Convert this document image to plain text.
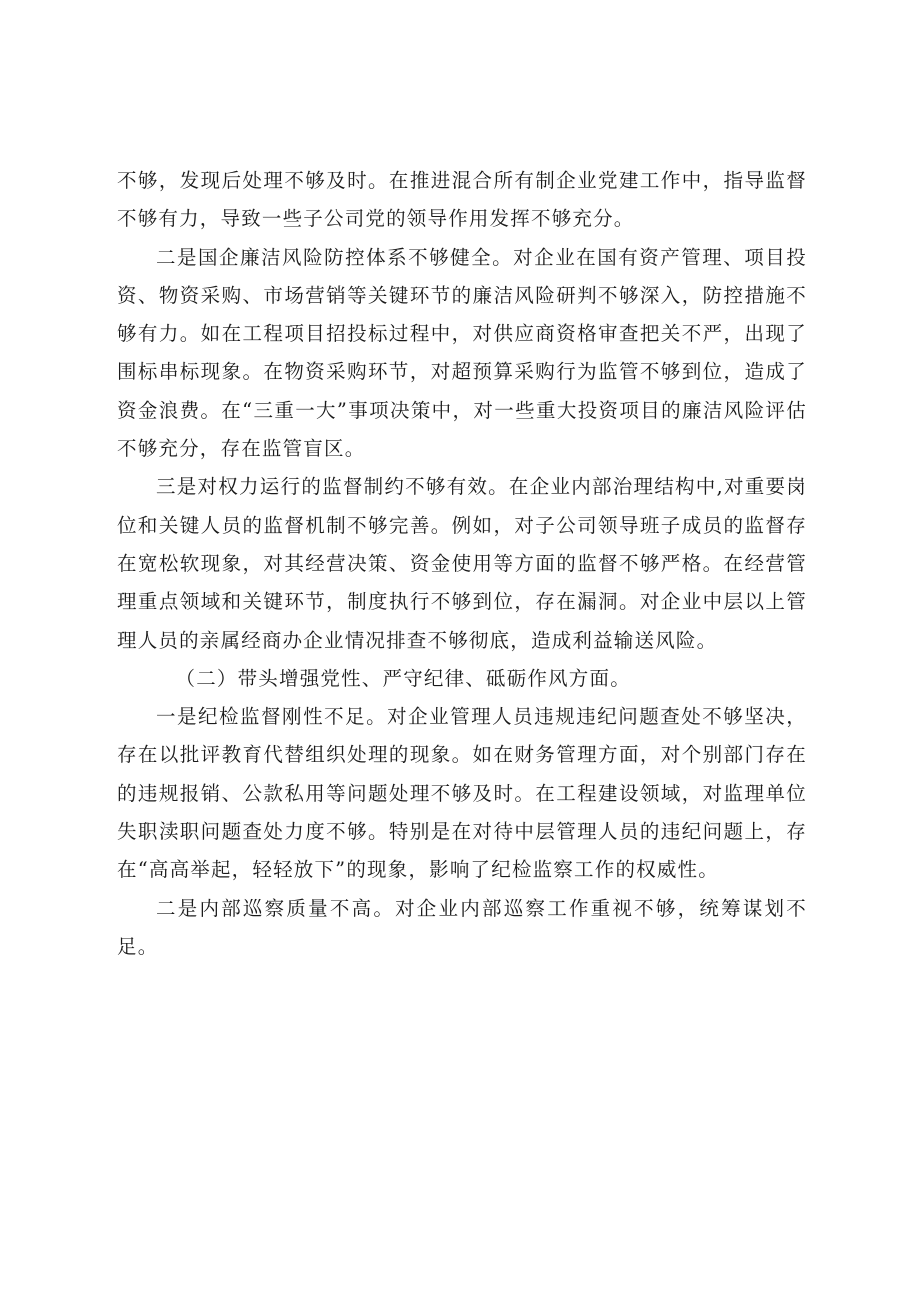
不够，发现后处理不够及时。在推进混合所有制企业党建工作中，指导监督不够有力，导致一些子公司党的领导作用发挥不够充分。

二是国企廉洁风险防控体系不够健全。对企业在国有资产管理、项目投资、物资采购、市场营销等关键环节的廉洁风险研判不够深入，防控措施不够有力。如在工程项目招投标过程中，对供应商资格审查把关不严，出现了围标串标现象。在物资采购环节，对超预算采购行为监管不够到位，造成了资金浪费。在“三重一大”事项决策中，对一些重大投资项目的廉洁风险评估不够充分，存在监管盲区。

三是对权力运行的监督制约不够有效。在企业内部治理结构中,对重要岗位和关键人员的监督机制不够完善。例如，对子公司领导班子成员的监督存在宽松软现象，对其经营决策、资金使用等方面的监督不够严格。在经营管理重点领域和关键环节，制度执行不够到位，存在漏洞。对企业中层以上管理人员的亲属经商办企业情况排查不够彻底，造成利益输送风险。

（二）带头增强党性、严守纪律、砥砺作风方面。

一是纪检监督刚性不足。对企业管理人员违规违纪问题查处不够坚决，存在以批评教育代替组织处理的现象。如在财务管理方面，对个别部门存在的违规报销、公款私用等问题处理不够及时。在工程建设领域，对监理单位失职渎职问题查处力度不够。特别是在对待中层管理人员的违纪问题上，存在“高高举起，轻轻放下”的现象，影响了纪检监察工作的权威性。

二是内部巡察质量不高。对企业内部巡察工作重视不够，统筹谋划不足。
